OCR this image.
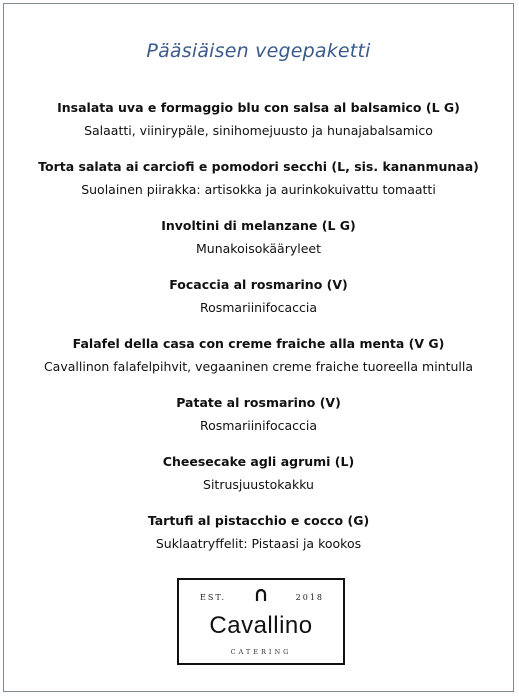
Pääsiäisen vegepaketti
Insalata uva e formaggio blu con salsa al balsamico (L G)
Salaatti, viinirypäle, sinihomejuusto ja hunajabalsamico
Torta salata ai carciofi e pomodori secchi (L, sis. kananmunaa)
Suolainen piirakka: artisokka ja aurinkokuivattu tomaatti
Involtini di melanzane (L G)
Munakoisokääryleet
Focaccia al rosmarino (V)
Rosmariinifocaccia
Falafel della casa con creme fraiche alla menta (V G)
Cavallinon falafelpihvit, vegaaninen creme fraiche tuoreella mintulla
Patate al rosmarino (V)
Rosmariinifocaccia
Cheesecake agli agrumi (L)
Sitrusjuustokakku
Tartufi al pistacchio e cocco (G)
Suklaatryffelit: Pistaasi ja kookos
EST.	2018
Cavallino
CATERING
